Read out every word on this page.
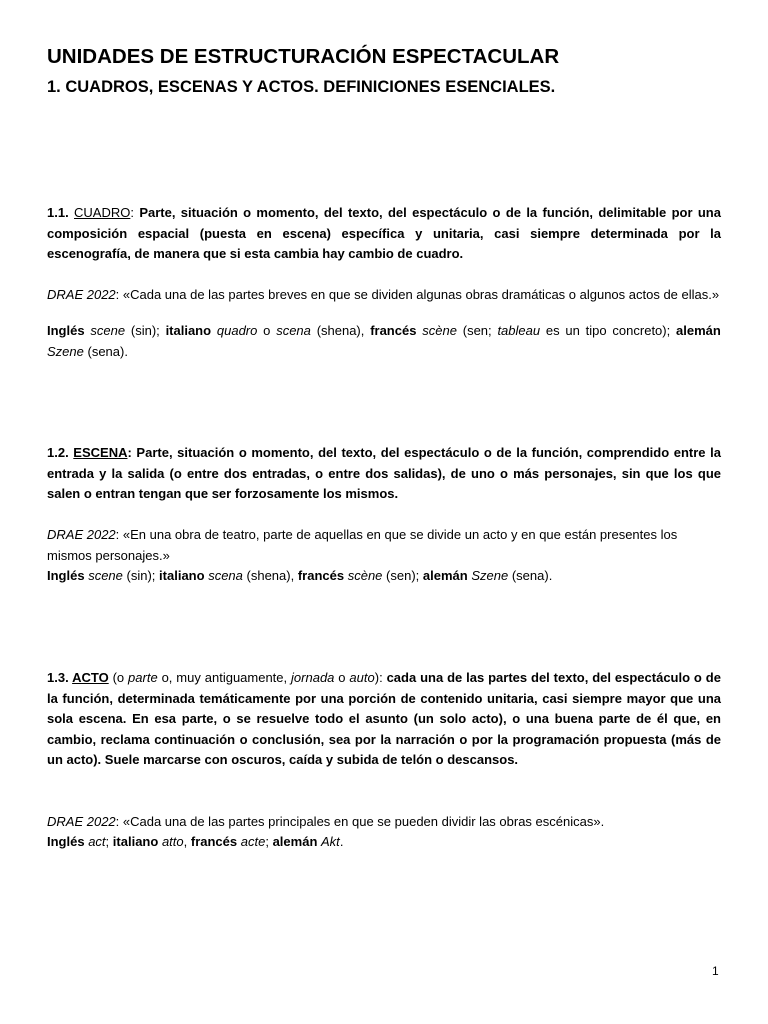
UNIDADES DE ESTRUCTURACIÓN ESPECTACULAR
1. CUADROS, ESCENAS Y ACTOS. DEFINICIONES ESENCIALES.
1.1. CUADRO: Parte, situación o momento, del texto, del espectáculo o de la función, delimitable por una composición espacial (puesta en escena) específica y unitaria, casi siempre determinada por la escenografía, de manera que si esta cambia hay cambio de cuadro.
DRAE 2022: «Cada una de las partes breves en que se dividen algunas obras dramáticas o algunos actos de ellas.»
Inglés scene (sin); italiano quadro o scena (shena), francés scène (sen; tableau es un tipo concreto); alemán Szene (sena).
1.2. ESCENA: Parte, situación o momento, del texto, del espectáculo o de la función, comprendido entre la entrada y la salida (o entre dos entradas, o entre dos salidas), de uno o más personajes, sin que los que salen o entran tengan que ser forzosamente los mismos.
DRAE 2022: «En una obra de teatro, parte de aquellas en que se divide un acto y en que están presentes los mismos personajes.»
Inglés scene (sin); italiano scena (shena), francés scène (sen); alemán Szene (sena).
1.3. ACTO (o parte o, muy antiguamente, jornada o auto): cada una de las partes del texto, del espectáculo o de la función, determinada temáticamente por una porción de contenido unitaria, casi siempre mayor que una sola escena. En esa parte, o se resuelve todo el asunto (un solo acto), o una buena parte de él que, en cambio, reclama continuación o conclusión, sea por la narración o por la programación propuesta (más de un acto). Suele marcarse con oscuros, caída y subida de telón o descansos.
DRAE 2022: «Cada una de las partes principales en que se pueden dividir las obras escénicas».
Inglés act; italiano atto, francés acte; alemán Akt.
1
